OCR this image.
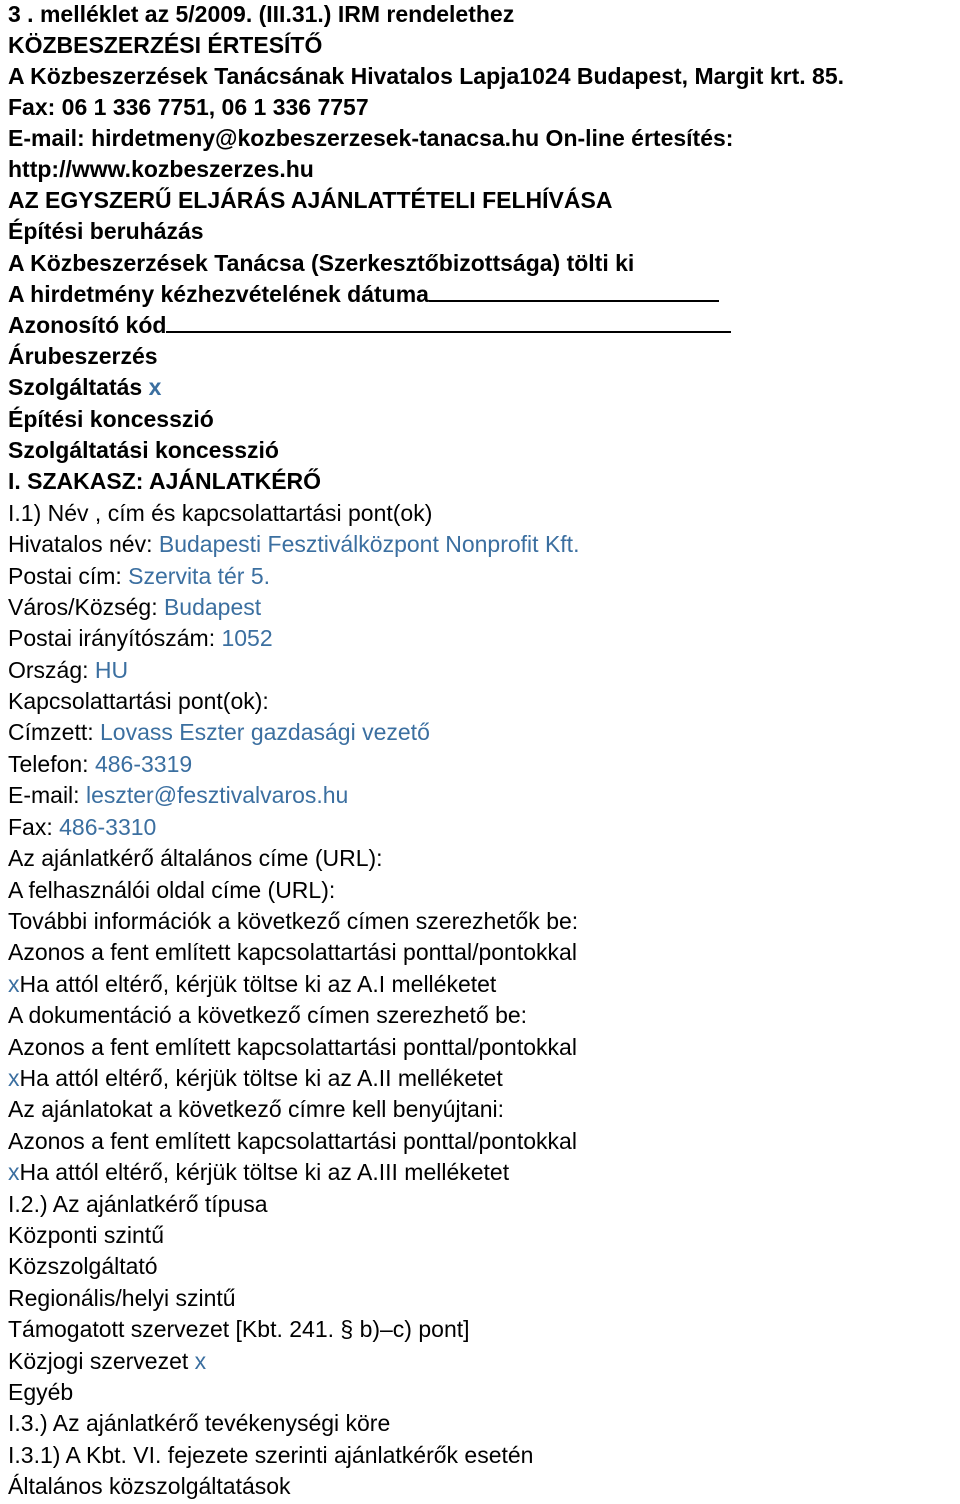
3 . melléklet az 5/2009. (III.31.) IRM rendelethez
KÖZBESZERZÉSI ÉRTESÍTŐ
A Közbeszerzések Tanácsának Hivatalos Lapja1024 Budapest, Margit krt. 85.
Fax: 06 1 336 7751, 06 1 336 7757
E-mail: hirdetmeny@kozbeszerzesek-tanacsa.hu On-line értesítés:
http://www.kozbeszerzes.hu
AZ EGYSZERŰ ELJÁRÁS AJÁNLATTÉTELI FELHÍVÁSA
Építési beruházás
A Közbeszerzések Tanácsa (Szerkesztőbizottsága) tölti ki
A hirdetmény kézhezvételének dátuma
Azonosító kód
Árubeszerzés
Szolgáltatás x
Építési koncesszió
Szolgáltatási koncesszió
I. SZAKASZ: AJÁNLATKÉRŐ
I.1) Név , cím és kapcsolattartási pont(ok)
Hivatalos név: Budapesti Fesztiválközpont Nonprofit Kft.
Postai cím: Szervita tér 5.
Város/Község: Budapest
Postai irányítószám: 1052
Ország: HU
Kapcsolattartási pont(ok):
Címzett: Lovass Eszter gazdasági vezető
Telefon: 486-3319
E-mail: leszter@fesztivalvaros.hu
Fax: 486-3310
Az ajánlatkérő általános címe (URL):
A felhasználói oldal címe (URL):
További információk a következő címen szerezhetők be:
Azonos a fent említett kapcsolattartási ponttal/pontokkal
xHa attól eltérő, kérjük töltse ki az A.I melléketet
A dokumentáció a következő címen szerezhető be:
Azonos a fent említett kapcsolattartási ponttal/pontokkal
xHa attól eltérő, kérjük töltse ki az A.II melléketet
Az ajánlatokat a következő címre kell benyújtani:
Azonos a fent említett kapcsolattartási ponttal/pontokkal
xHa attól eltérő, kérjük töltse ki az A.III melléketet
I.2.) Az ajánlatkérő típusa
Központi szintű
Közszolgáltató
Regionális/helyi szintű
Támogatott szervezet [Kbt. 241. § b)–c) pont]
Közjogi szervezet x
Egyéb
I.3.) Az ajánlatkérő tevékenységi köre
I.3.1) A Kbt. VI. fejezete szerinti ajánlatkérők esetén
Általános közszolgáltatások
